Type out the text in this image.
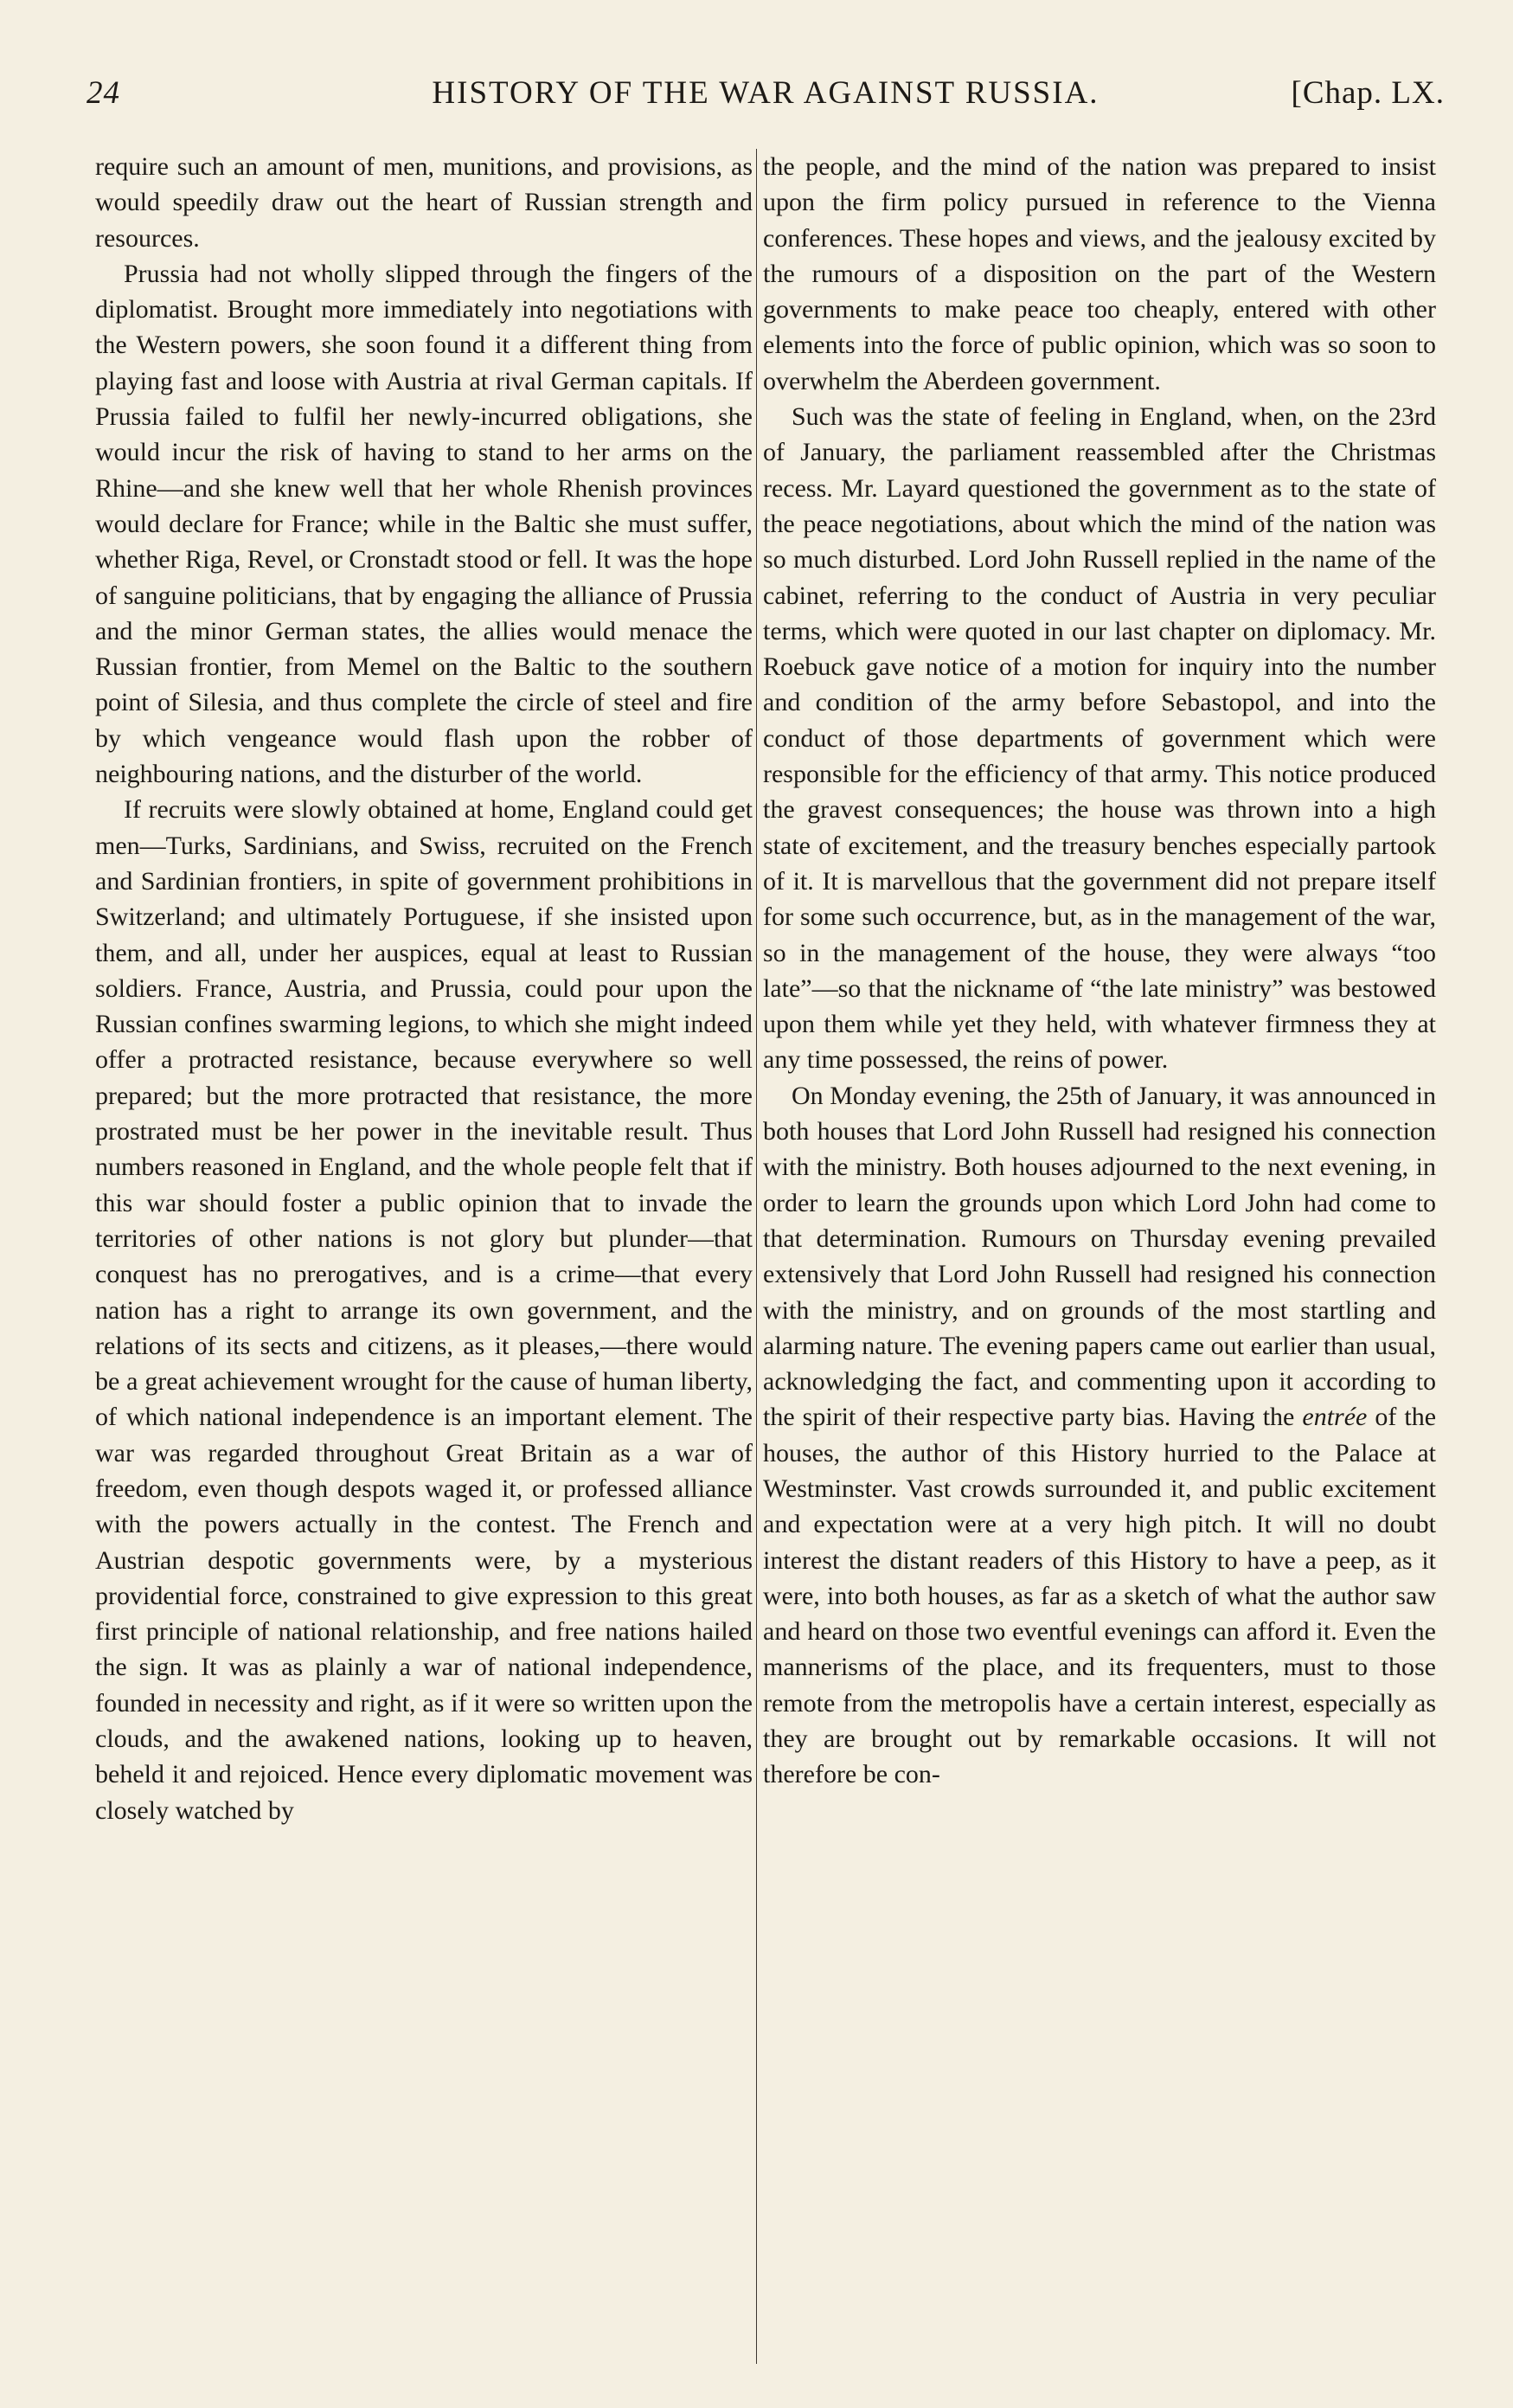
24	HISTORY OF THE WAR AGAINST RUSSIA.	[Chap. LX.

require such an amount of men, munitions, and provisions, as would speedily draw out the heart of Russian strength and resources.

Prussia had not wholly slipped through the fingers of the diplomatist. Brought more immediately into negotiations with the Western powers, she soon found it a different thing from playing fast and loose with Austria at rival German capitals. If Prussia failed to fulfil her newly-incurred obligations, she would incur the risk of having to stand to her arms on the Rhine—and she knew well that her whole Rhenish provinces would declare for France; while in the Baltic she must suffer, whether Riga, Revel, or Cronstadt stood or fell. It was the hope of sanguine politicians, that by engaging the alliance of Prussia and the minor German states, the allies would menace the Russian frontier, from Memel on the Baltic to the southern point of Silesia, and thus complete the circle of steel and fire by which vengeance would flash upon the robber of neighbouring nations, and the disturber of the world.

If recruits were slowly obtained at home, England could get men—Turks, Sardinians, and Swiss, recruited on the French and Sardinian frontiers, in spite of government prohibitions in Switzerland; and ultimately Portuguese, if she insisted upon them, and all, under her auspices, equal at least to Russian soldiers. France, Austria, and Prussia, could pour upon the Russian confines swarming legions, to which she might indeed offer a protracted resistance, because everywhere so well prepared; but the more protracted that resistance, the more prostrated must be her power in the inevitable result. Thus numbers reasoned in England, and the whole people felt that if this war should foster a public opinion that to invade the territories of other nations is not glory but plunder—that conquest has no prerogatives, and is a crime—that every nation has a right to arrange its own government, and the relations of its sects and citizens, as it pleases,—there would be a great achievement wrought for the cause of human liberty, of which national independence is an important element. The war was regarded throughout Great Britain as a war of freedom, even though despots waged it, or professed alliance with the powers actually in the contest. The French and Austrian despotic governments were, by a mysterious providential force, constrained to give expression to this great first principle of national relationship, and free nations hailed the sign. It was as plainly a war of national independence, founded in necessity and right, as if it were so written upon the clouds, and the awakened nations, looking up to heaven, beheld it and rejoiced. Hence every diplomatic movement was closely watched by

the people, and the mind of the nation was prepared to insist upon the firm policy pursued in reference to the Vienna conferences. These hopes and views, and the jealousy excited by the rumours of a disposition on the part of the Western governments to make peace too cheaply, entered with other elements into the force of public opinion, which was so soon to overwhelm the Aberdeen government.

Such was the state of feeling in England, when, on the 23rd of January, the parliament reassembled after the Christmas recess. Mr. Layard questioned the government as to the state of the peace negotiations, about which the mind of the nation was so much disturbed. Lord John Russell replied in the name of the cabinet, referring to the conduct of Austria in very peculiar terms, which were quoted in our last chapter on diplomacy. Mr. Roebuck gave notice of a motion for inquiry into the number and condition of the army before Sebastopol, and into the conduct of those departments of government which were responsible for the efficiency of that army. This notice produced the gravest consequences; the house was thrown into a high state of excitement, and the treasury benches especially partook of it. It is marvellous that the government did not prepare itself for some such occurrence, but, as in the management of the war, so in the management of the house, they were always “too late”—so that the nickname of “the late ministry” was bestowed upon them while yet they held, with whatever firmness they at any time possessed, the reins of power.

On Monday evening, the 25th of January, it was announced in both houses that Lord John Russell had resigned his connection with the ministry. Both houses adjourned to the next evening, in order to learn the grounds upon which Lord John had come to that determination. Rumours on Thursday evening prevailed extensively that Lord John Russell had resigned his connection with the ministry, and on grounds of the most startling and alarming nature. The evening papers came out earlier than usual, acknowledging the fact, and commenting upon it according to the spirit of their respective party bias. Having the entrée of the houses, the author of this History hurried to the Palace at Westminster. Vast crowds surrounded it, and public excitement and expectation were at a very high pitch. It will no doubt interest the distant readers of this History to have a peep, as it were, into both houses, as far as a sketch of what the author saw and heard on those two eventful evenings can afford it. Even the mannerisms of the place, and its frequenters, must to those remote from the metropolis have a certain interest, especially as they are brought out by remarkable occasions. It will not therefore be con-
